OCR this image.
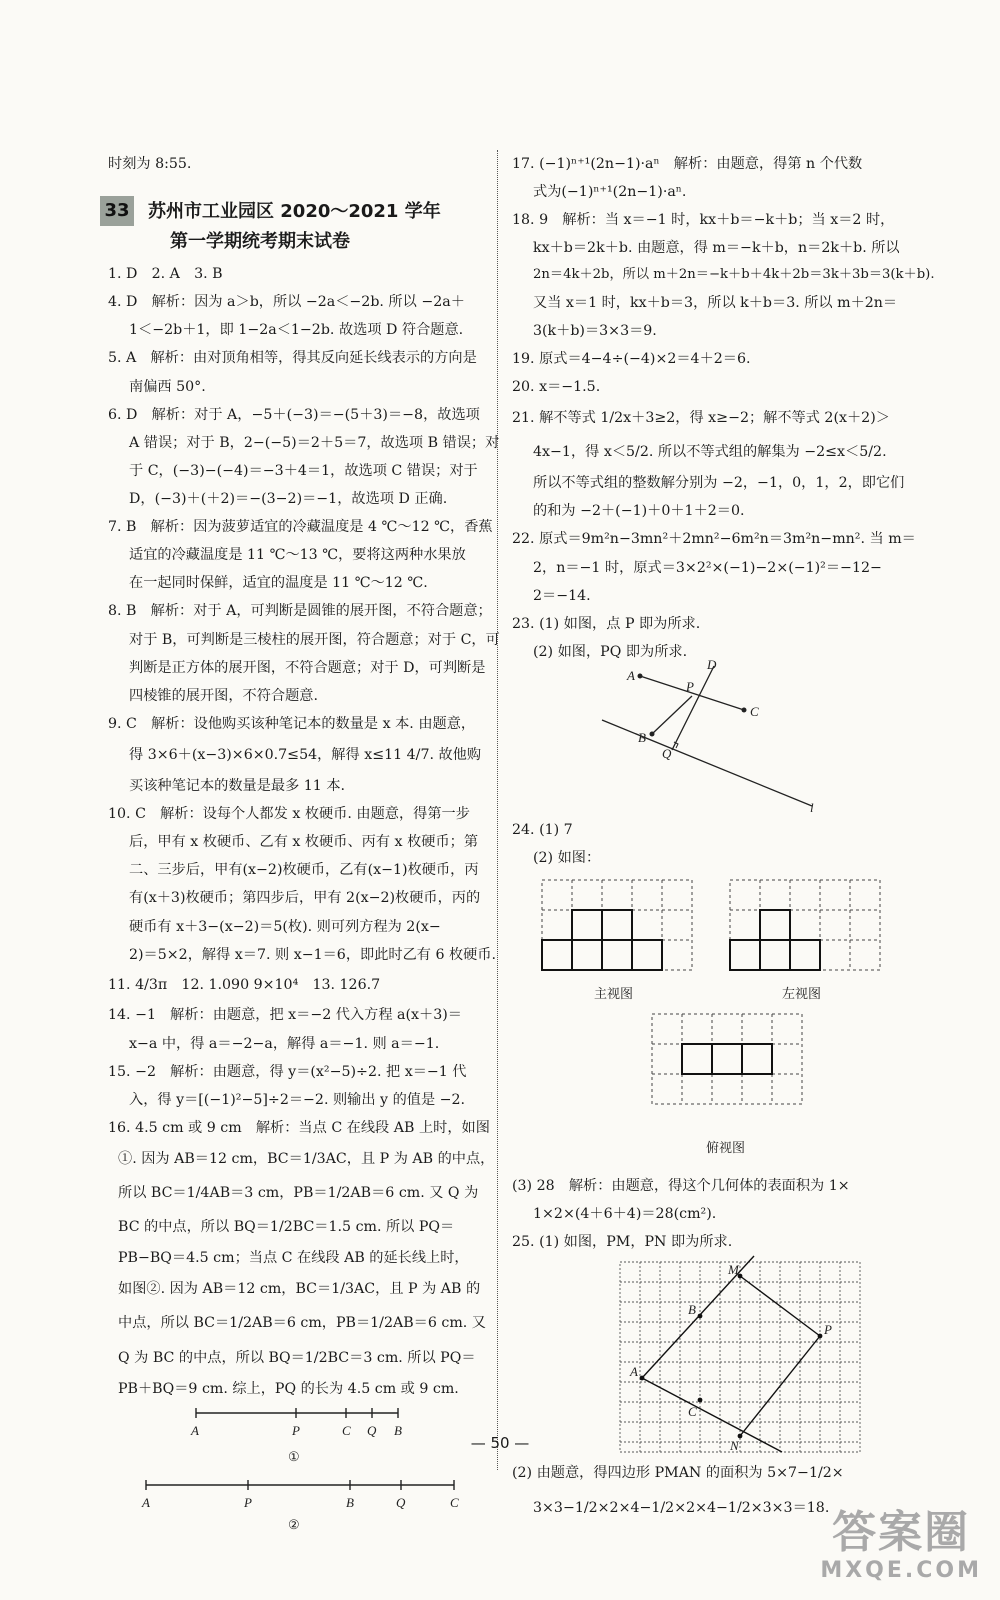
时刻为 8:55.
33 苏州市工业园区 2020～2021 学年
第一学期统考期末试卷
1. D　2. A　3. B
4. D　解析：因为 a＞b，所以 −2a＜−2b. 所以 −2a＋
1＜−2b＋1，即 1−2a＜1−2b. 故选项 D 符合题意.
5. A　解析：由对顶角相等，得其反向延长线表示的方向是
南偏西 50°.
6. D　解析：对于 A，−5＋(−3)＝−(5＋3)＝−8，故选项
A 错误；对于 B，2−(−5)＝2＋5＝7，故选项 B 错误；对
于 C，(−3)−(−4)＝−3＋4＝1，故选项 C 错误；对于
D，(−3)＋(＋2)＝−(3−2)＝−1，故选项 D 正确.
7. B　解析：因为菠萝适宜的冷藏温度是 4 ℃～12 ℃，香蕉
适宜的冷藏温度是 11 ℃～13 ℃，要将这两种水果放
在一起同时保鲜，适宜的温度是 11 ℃～12 ℃.
8. B　解析：对于 A，可判断是圆锥的展开图，不符合题意；
对于 B，可判断是三棱柱的展开图，符合题意；对于 C，可
判断是正方体的展开图，不符合题意；对于 D，可判断是
四棱锥的展开图，不符合题意.
9. C　解析：设他购买该种笔记本的数量是 x 本. 由题意，
得 3×6＋(x−3)×6×0.7≤54，解得 x≤11 4/7. 故他购
买该种笔记本的数量是最多 11 本.
10. C　解析：设每个人都发 x 枚硬币. 由题意，得第一步
后，甲有 x 枚硬币、乙有 x 枚硬币、丙有 x 枚硬币；第
二、三步后，甲有(x−2)枚硬币，乙有(x−1)枚硬币，丙
有(x＋3)枚硬币；第四步后，甲有 2(x−2)枚硬币，丙的
硬币有 x＋3−(x−2)＝5(枚). 则可列方程为 2(x−
2)＝5×2，解得 x＝7. 则 x−1＝6，即此时乙有 6 枚硬币.
11. 4/3π　12. 1.090 9×10⁴　13. 126.7
14. −1　解析：由题意，把 x＝−2 代入方程 a(x＋3)＝
x−a 中，得 a＝−2−a，解得 a＝−1. 则 a＝−1.
15. −2　解析：由题意，得 y＝(x²−5)÷2. 把 x＝−1 代
入，得 y＝[(−1)²−5]÷2＝−2. 则输出 y 的值是 −2.
16. 4.5 cm 或 9 cm　解析：当点 C 在线段 AB 上时，如图
①. 因为 AB＝12 cm，BC＝1/3AC，且 P 为 AB 的中点，
所以 BC＝1/4AB＝3 cm，PB＝1/2AB＝6 cm. 又 Q 为
BC 的中点，所以 BQ＝1/2BC＝1.5 cm. 所以 PQ＝
PB−BQ＝4.5 cm；当点 C 在线段 AB 的延长线上时，
如图②. 因为 AB＝12 cm，BC＝1/3AC，且 P 为 AB 的
中点，所以 BC＝1/2AB＝6 cm，PB＝1/2AB＝6 cm. 又
Q 为 BC 的中点，所以 BQ＝1/2BC＝3 cm. 所以 PQ＝
PB＋BQ＝9 cm. 综上，PQ 的长为 4.5 cm 或 9 cm.
A	P	C Q B
①
A	P	B	Q	C
②
17. (−1)ⁿ⁺¹(2n−1)·aⁿ　解析：由题意，得第 n 个代数
式为(−1)ⁿ⁺¹(2n−1)·aⁿ.
18. 9　解析：当 x＝−1 时，kx＋b＝−k＋b；当 x＝2 时，
kx＋b＝2k＋b. 由题意，得 m＝−k＋b，n＝2k＋b. 所以
2n＝4k＋2b，所以 m＋2n＝−k＋b＋4k＋2b＝3k＋3b＝3(k＋b).
又当 x＝1 时，kx＋b＝3，所以 k＋b＝3. 所以 m＋2n＝
3(k＋b)＝3×3＝9.
19. 原式＝4−4÷(−4)×2＝4＋2＝6.
20. x＝−1.5.
21. 解不等式 1/2x＋3≥2，得 x≥−2；解不等式 2(x＋2)＞
4x−1，得 x＜5/2. 所以不等式组的解集为 −2≤x＜5/2.
所以不等式组的整数解分别为 −2，−1，0，1，2，即它们
的和为 −2＋(−1)＋0＋1＋2＝0.
22. 原式＝9m²n−3mn²＋2mn²−6m²n＝3m²n−mn². 当 m＝
2，n＝−1 时，原式＝3×2²×(−1)−2×(−1)²＝−12−
2＝−14.
23. (1) 如图，点 P 即为所求.
(2) 如图，PQ 即为所求.
A
P
D
C
B
Q
l
24. (1) 7
(2) 如图：
主视图	左视图
俯视图
(3) 28　解析：由题意，得这个几何体的表面积为 1×
1×2×(4＋6＋4)＝28(cm²).
25. (1) 如图，PM，PN 即为所求.
M
B
P
A
C
N
(2) 由题意，得四边形 PMAN 的面积为 5×7−1/2×
3×3−1/2×2×4−1/2×2×4−1/2×3×3＝18.
— 50 —
答案圈
MXQE.COM
